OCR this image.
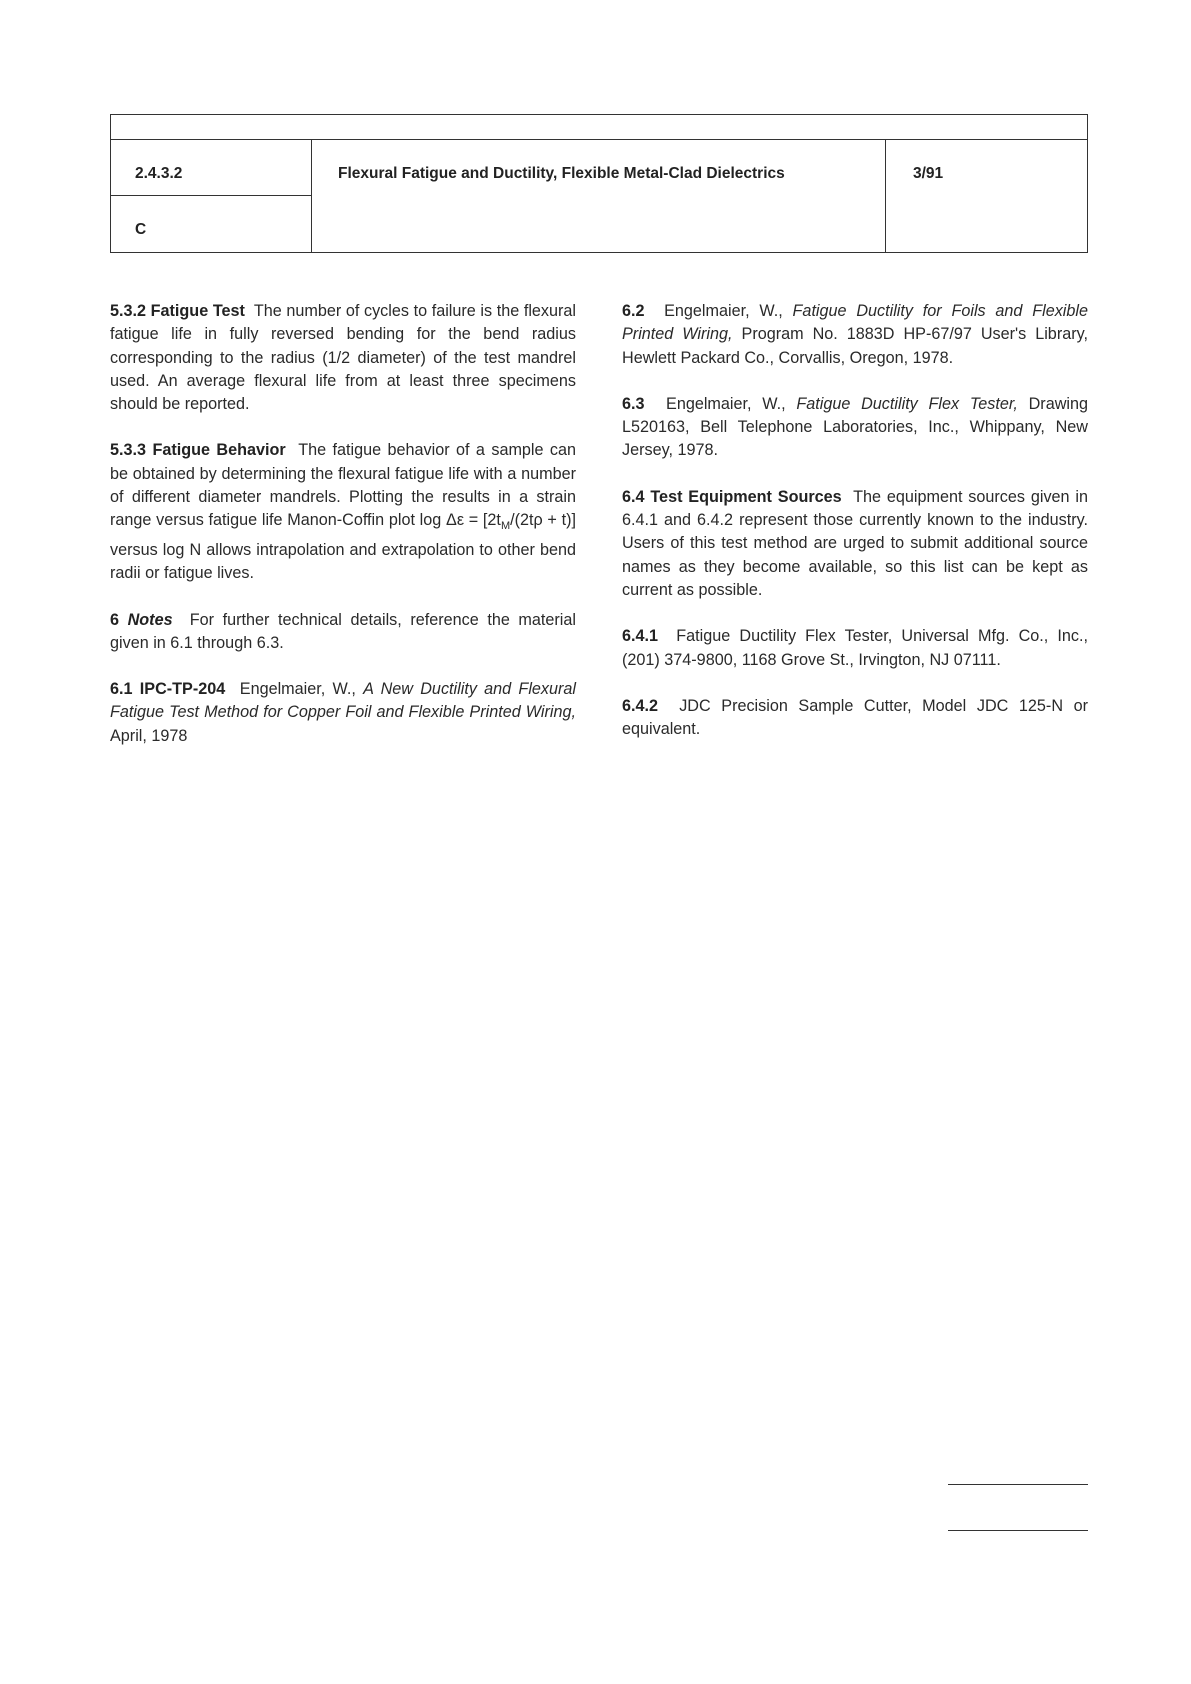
2.4.3.2	Flexural Fatigue and Ductility, Flexible Metal-Clad Dielectrics	3/91
C

5.3.2 Fatigue Test The number of cycles to failure is the flexural fatigue life in fully reversed bending for the bend radius corresponding to the radius (1/2 diameter) of the test mandrel used. An average flexural life from at least three specimens should be reported.

5.3.3 Fatigue Behavior The fatigue behavior of a sample can be obtained by determining the flexural fatigue life with a number of different diameter mandrels. Plotting the results in a strain range versus fatigue life Manon-Coffin plot $\log \Delta\varepsilon = [2t_M/(2t\rho + t)]$ versus log N allows intrapolation and extrapolation to other bend radii or fatigue lives.

6 Notes For further technical details, reference the material given in 6.1 through 6.3.

6.1 IPC-TP-204 Engelmaier, W., A New Ductility and Flexural Fatigue Test Method for Copper Foil and Flexible Printed Wiring, April, 1978

6.2 Engelmaier, W., Fatigue Ductility for Foils and Flexible Printed Wiring, Program No. 1883D HP-67/97 User's Library, Hewlett Packard Co., Corvallis, Oregon, 1978.

6.3 Engelmaier, W., Fatigue Ductility Flex Tester, Drawing L520163, Bell Telephone Laboratories, Inc., Whippany, New Jersey, 1978.

6.4 Test Equipment Sources The equipment sources given in 6.4.1 and 6.4.2 represent those currently known to the industry. Users of this test method are urged to submit additional source names as they become available, so this list can be kept as current as possible.

6.4.1 Fatigue Ductility Flex Tester, Universal Mfg. Co., Inc., (201) 374-9800, 1168 Grove St., Irvington, NJ 07111.

6.4.2 JDC Precision Sample Cutter, Model JDC 125-N or equivalent.
